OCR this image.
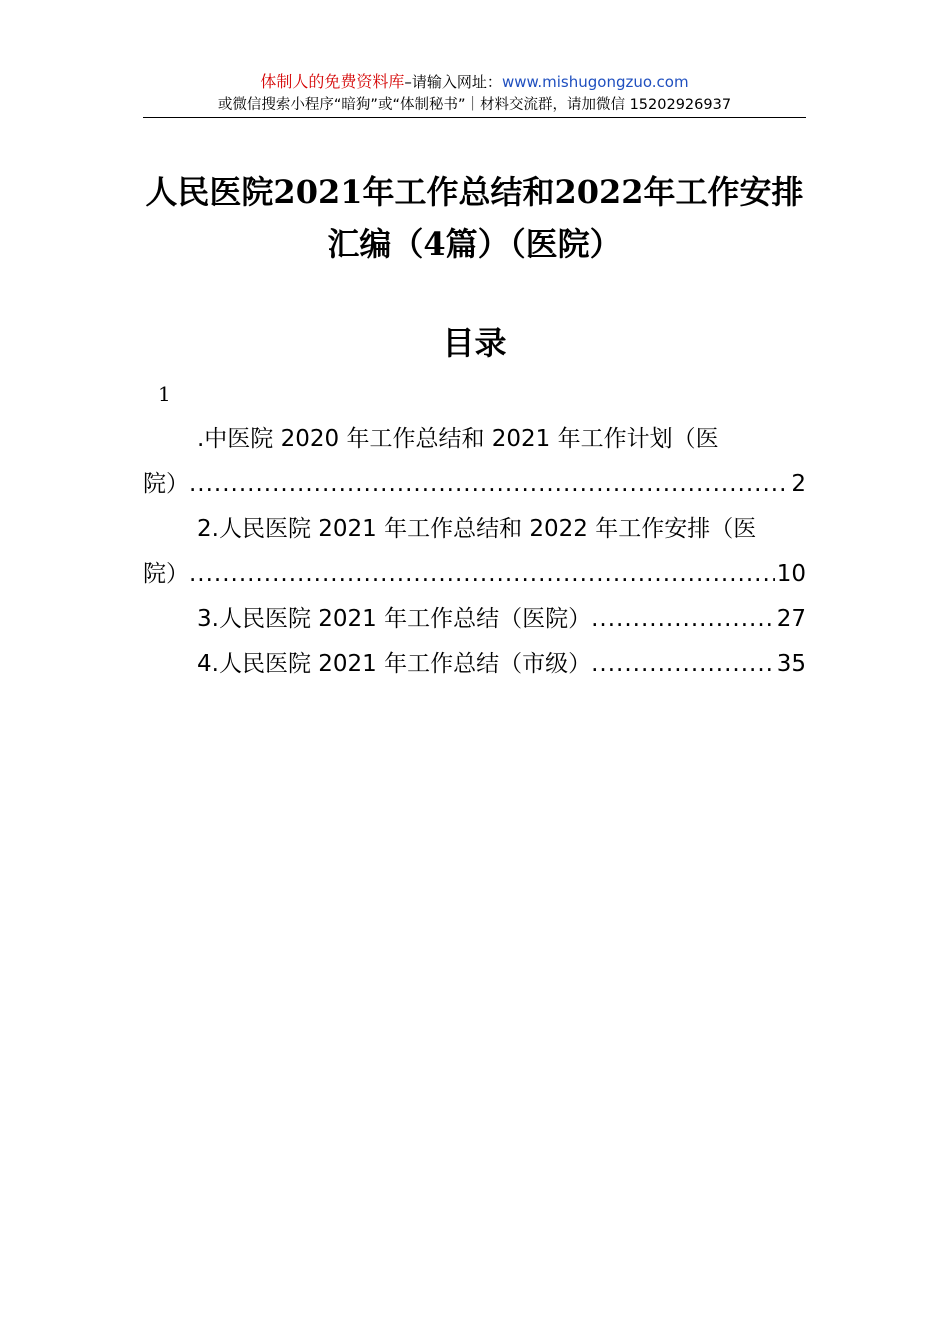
体制人的免费资料库–请输入网址：www.mishugongzuo.com
或微信搜索小程序“暗狗”或“体制秘书”｜材料交流群，请加微信 15202926937
人民医院2021年工作总结和2022年工作安排汇编（4篇）（医院）
目录
1
.中医院 2020 年工作总结和 2021 年工作计划（医
院） .....	2
2.人民医院 2021 年工作总结和 2022 年工作安排（医
院） .....	10
3.人民医院 2021 年工作总结（医院） .....	27
4.人民医院 2021 年工作总结（市级） .....	35
